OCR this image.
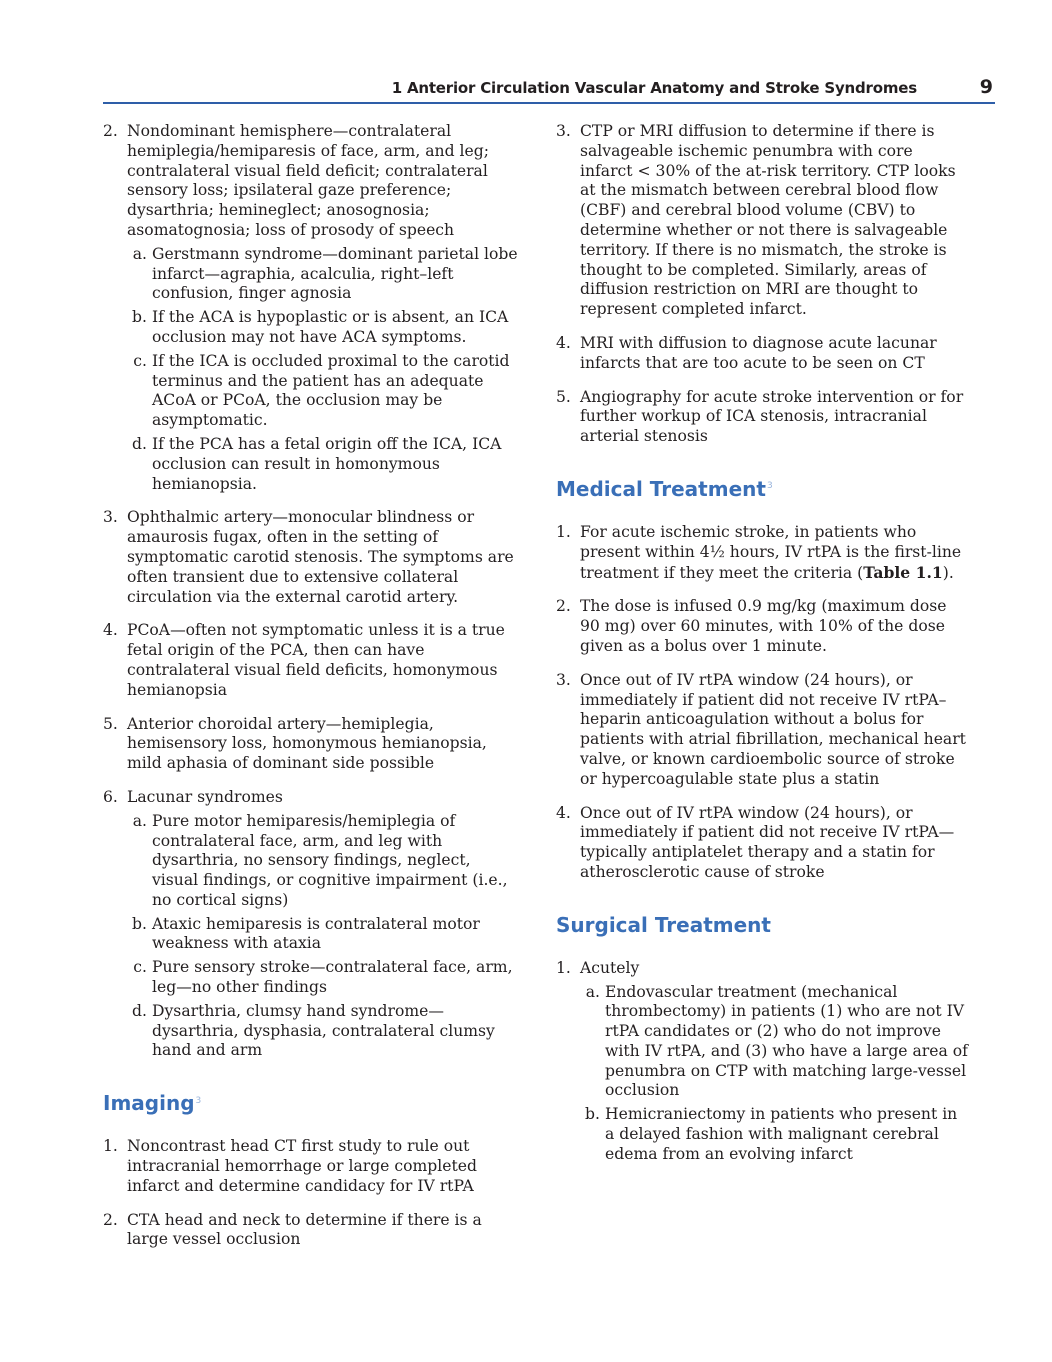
1 Anterior Circulation Vascular Anatomy and Stroke Syndromes	9
2. Nondominant hemisphere—contralateral hemiplegia/hemiparesis of face, arm, and leg; contralateral visual field deficit; contralateral sensory loss; ipsilateral gaze preference; dysarthria; hemineglect; anosognosia; asomatognosia; loss of prosody of speech
a. Gerstmann syndrome—dominant parietal lobe infarct—agraphia, acalculia, right–left confusion, finger agnosia
b. If the ACA is hypoplastic or is absent, an ICA occlusion may not have ACA symptoms.
c. If the ICA is occluded proximal to the carotid terminus and the patient has an adequate ACoA or PCoA, the occlusion may be asymptomatic.
d. If the PCA has a fetal origin off the ICA, ICA occlusion can result in homonymous hemianopsia.
3. Ophthalmic artery—monocular blindness or amaurosis fugax, often in the setting of symptomatic carotid stenosis. The symptoms are often transient due to extensive collateral circulation via the external carotid artery.
4. PCoA—often not symptomatic unless it is a true fetal origin of the PCA, then can have contralateral visual field deficits, homonymous hemianopsia
5. Anterior choroidal artery—hemiplegia, hemisensory loss, homonymous hemianopsia, mild aphasia of dominant side possible
6. Lacunar syndromes
a. Pure motor hemiparesis/hemiplegia of contralateral face, arm, and leg with dysarthria, no sensory findings, neglect, visual findings, or cognitive impairment (i.e., no cortical signs)
b. Ataxic hemiparesis is contralateral motor weakness with ataxia
c. Pure sensory stroke—contralateral face, arm, leg—no other findings
d. Dysarthria, clumsy hand syndrome—dysarthria, dysphasia, contralateral clumsy hand and arm
Imaging$^3$
1. Noncontrast head CT first study to rule out intracranial hemorrhage or large completed infarct and determine candidacy for IV rtPA
2. CTA head and neck to determine if there is a large vessel occlusion
3. CTP or MRI diffusion to determine if there is salvageable ischemic penumbra with core infarct < 30% of the at-risk territory. CTP looks at the mismatch between cerebral blood flow (CBF) and cerebral blood volume (CBV) to determine whether or not there is salvageable territory. If there is no mismatch, the stroke is thought to be completed. Similarly, areas of diffusion restriction on MRI are thought to represent completed infarct.
4. MRI with diffusion to diagnose acute lacunar infarcts that are too acute to be seen on CT
5. Angiography for acute stroke intervention or for further workup of ICA stenosis, intracranial arterial stenosis
Medical Treatment$^3$
1. For acute ischemic stroke, in patients who present within 4½ hours, IV rtPA is the first-line treatment if they meet the criteria (Table 1.1).
2. The dose is infused 0.9 mg/kg (maximum dose 90 mg) over 60 minutes, with 10% of the dose given as a bolus over 1 minute.
3. Once out of IV rtPA window (24 hours), or immediately if patient did not receive IV rtPA–heparin anticoagulation without a bolus for patients with atrial fibrillation, mechanical heart valve, or known cardioembolic source of stroke or hypercoagulable state plus a statin
4. Once out of IV rtPA window (24 hours), or immediately if patient did not receive IV rtPA—typically antiplatelet therapy and a statin for atherosclerotic cause of stroke
Surgical Treatment
1. Acutely
a. Endovascular treatment (mechanical thrombectomy) in patients (1) who are not IV rtPA candidates or (2) who do not improve with IV rtPA, and (3) who have a large area of penumbra on CTP with matching large-vessel occlusion
b. Hemicraniectomy in patients who present in a delayed fashion with malignant cerebral edema from an evolving infarct
